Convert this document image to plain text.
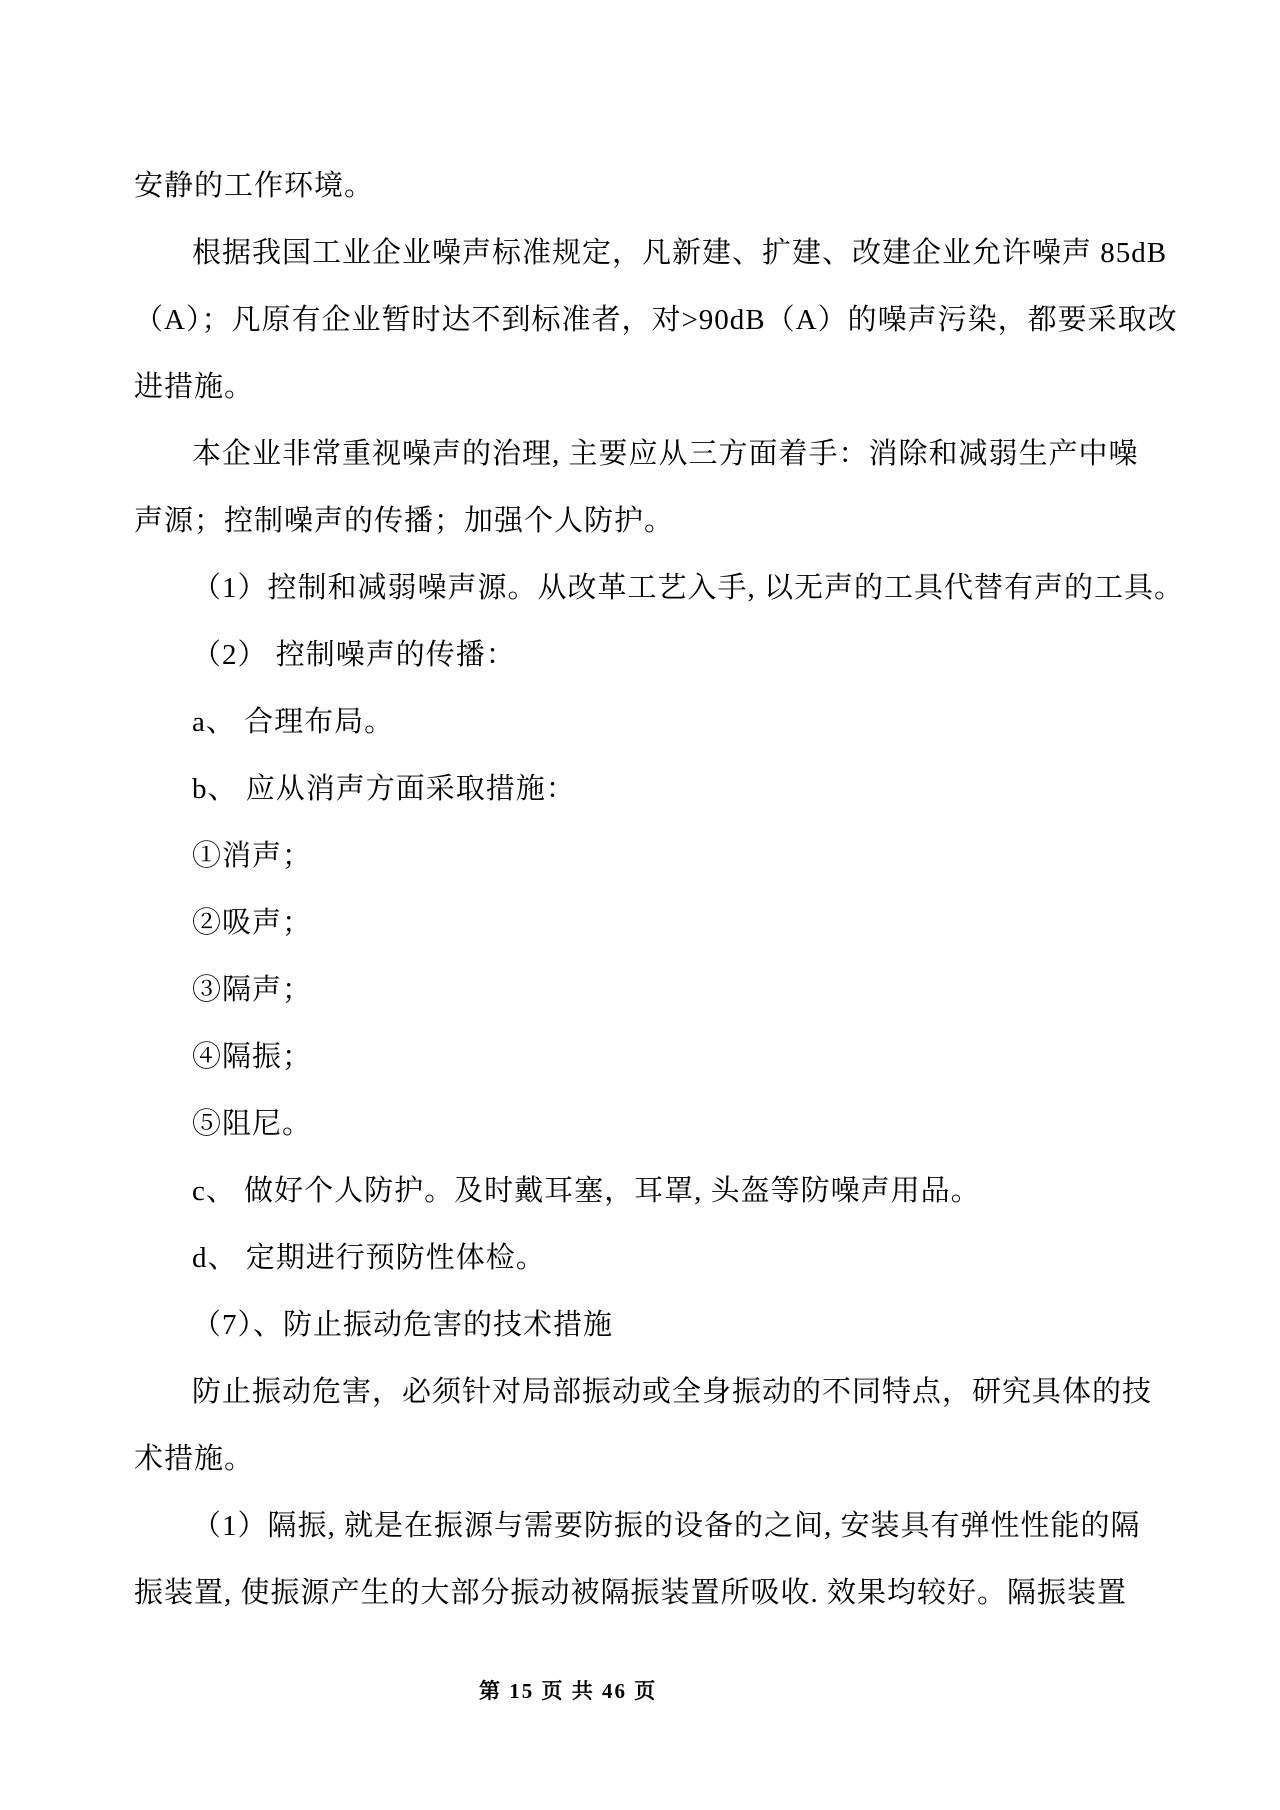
安静的工作环境。
根据我国工业企业噪声标准规定，凡新建、扩建、改建企业允许噪声 85dB
（A）；凡原有企业暂时达不到标准者，对>90dB（A）的噪声污染，都要采取改
进措施。
本企业非常重视噪声的治理, 主要应从三方面着手：消除和减弱生产中噪
声源；控制噪声的传播；加强个人防护。
（1）控制和减弱噪声源。从改革工艺入手, 以无声的工具代替有声的工具。
（2） 控制噪声的传播：
a、 合理布局。
b、 应从消声方面采取措施：
①消声；
②吸声；
③隔声；
④隔振；
⑤阻尼。
c、 做好个人防护。及时戴耳塞，耳罩, 头盔等防噪声用品。
d、 定期进行预防性体检。
（7）、防止振动危害的技术措施
防止振动危害，必须针对局部振动或全身振动的不同特点，研究具体的技
术措施。
（1）隔振, 就是在振源与需要防振的设备的之间, 安装具有弹性性能的隔
振装置, 使振源产生的大部分振动被隔振装置所吸收. 效果均较好。隔振装置
第 15 页 共 46 页
